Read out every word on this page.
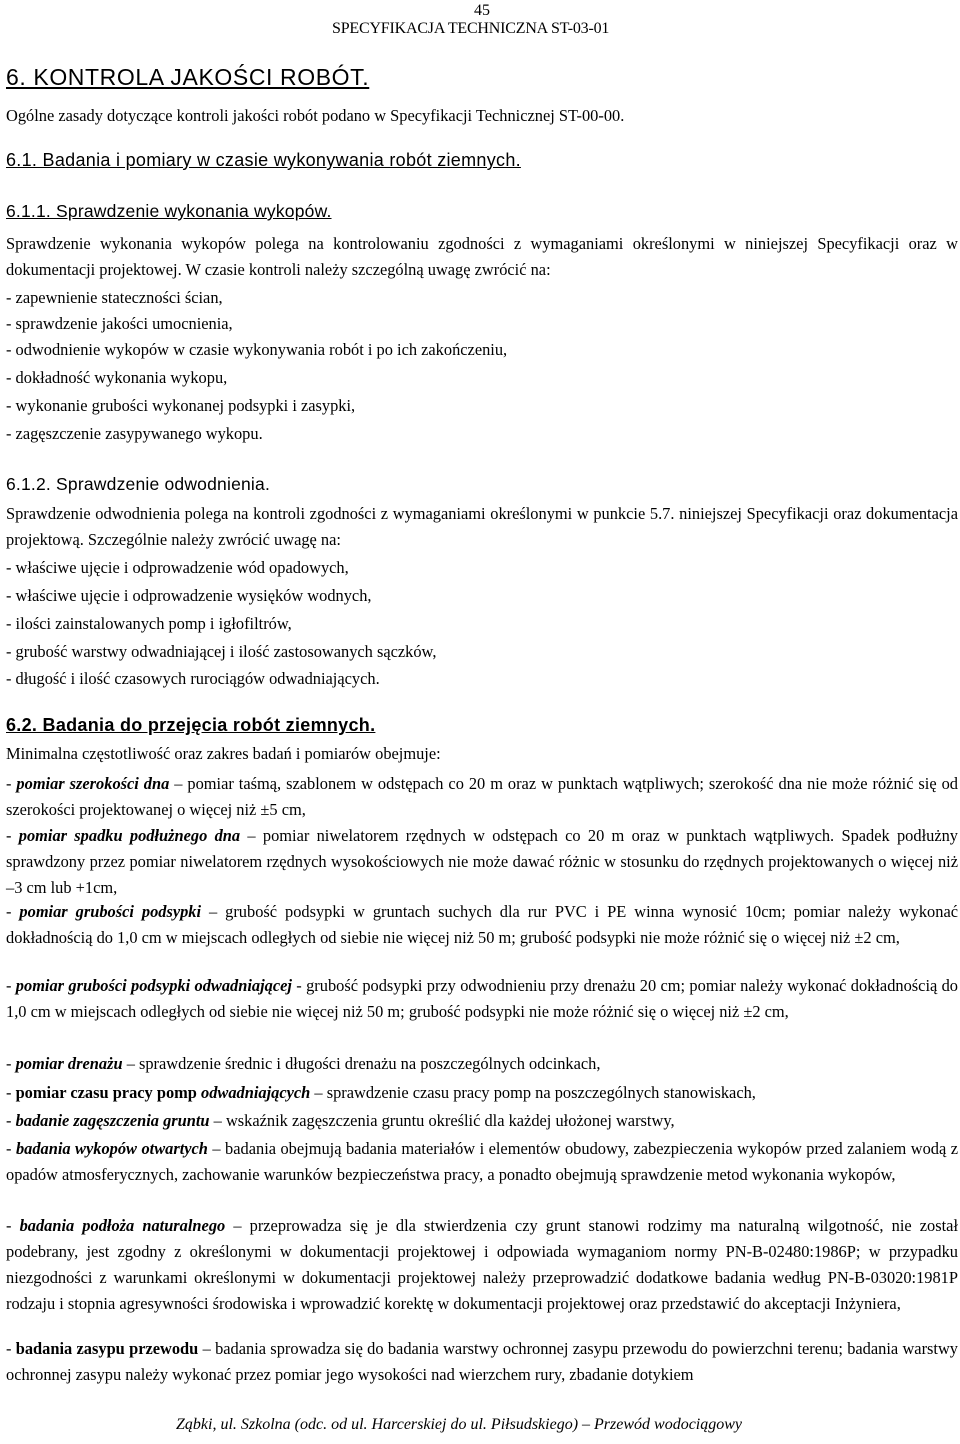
45
SPECYFIKACJA TECHNICZNA ST-03-01
6. KONTROLA JAKOŚCI ROBÓT.

Ogólne zasady dotyczące kontroli jakości robót podano w Specyfikacji Technicznej ST-00-00.

6.1. Badania i pomiary w czasie wykonywania robót ziemnych.
6.1.1. Sprawdzenie wykonania wykopów.

Sprawdzenie wykonania wykopów polega na kontrolowaniu zgodności z wymaganiami określonymi w niniejszej Specyfikacji oraz w dokumentacji projektowej. W czasie kontroli należy szczególną uwagę zwrócić na:

- zapewnienie stateczności ścian,

- sprawdzenie jakości umocnienia,

- odwodnienie wykopów w czasie wykonywania robót i po ich zakończeniu,

- dokładność wykonania wykopu,

- wykonanie grubości wykonanej podsypki i zasypki,

- zagęszczenie zasypywanego wykopu.

6.1.2. Sprawdzenie odwodnienia.

Sprawdzenie odwodnienia polega na kontroli zgodności z wymaganiami określonymi w punkcie 5.7. niniejszej Specyfikacji oraz dokumentacja projektową. Szczególnie należy zwrócić uwagę na:

- właściwe ujęcie i odprowadzenie wód opadowych,

- właściwe ujęcie i odprowadzenie wysięków wodnych,

- ilości zainstalowanych pomp i igłofiltrów,

- grubość warstwy odwadniającej i ilość zastosowanych sączków,

- długość i ilość czasowych rurociągów odwadniających.

6.2. Badania do przejęcia robót ziemnych.

Minimalna częstotliwość oraz zakres badań i pomiarów obejmuje:

- pomiar szerokości dna – pomiar taśmą, szablonem w odstępach co 20 m oraz w punktach wątpliwych; szerokość dna nie może różnić się od szerokości projektowanej o więcej niż ±5 cm,

- pomiar spadku podłużnego dna – pomiar niwelatorem rzędnych w odstępach co 20 m oraz w punktach wątpliwych. Spadek podłużny sprawdzony przez pomiar niwelatorem rzędnych wysokościowych nie może dawać różnic w stosunku do rzędnych projektowanych o więcej niż –3 cm lub +1cm,

- pomiar grubości podsypki – grubość podsypki w gruntach suchych dla rur PVC i PE winna wynosić 10cm; pomiar należy wykonać dokładnością do 1,0 cm w miejscach odległych od siebie nie więcej niż 50 m; grubość podsypki nie może różnić się o więcej niż ±2 cm,

- pomiar grubości podsypki odwadniającej - grubość podsypki przy odwodnieniu przy drenażu 20 cm; pomiar należy wykonać dokładnością do 1,0 cm w miejscach odległych od siebie nie więcej niż 50 m; grubość podsypki nie może różnić się o więcej niż ±2 cm,

- pomiar drenażu – sprawdzenie średnic i długości drenażu na poszczególnych odcinkach,

- pomiar czasu pracy pomp odwadniających – sprawdzenie czasu pracy pomp na poszczególnych stanowiskach,

- badanie zagęszczenia gruntu – wskaźnik zagęszczenia gruntu określić dla każdej ułożonej warstwy,

- badania wykopów otwartych – badania obejmują badania materiałów i elementów obudowy, zabezpieczenia wykopów przed zalaniem wodą z opadów atmosferycznych, zachowanie warunków bezpieczeństwa pracy, a ponadto obejmują sprawdzenie metod wykonania wykopów,

- badania podłoża naturalnego – przeprowadza się je dla stwierdzenia czy grunt stanowi rodzimy ma naturalną wilgotność, nie został podebrany, jest zgodny z określonymi w dokumentacji projektowej i odpowiada wymaganiom normy PN-B-02480:1986P; w przypadku niezgodności z warunkami określonymi w dokumentacji projektowej należy przeprowadzić dodatkowe badania według PN-B-03020:1981P rodzaju i stopnia agresywności środowiska i wprowadzić korektę w dokumentacji projektowej oraz przedstawić do akceptacji Inżyniera,

- badania zasypu przewodu – badania sprowadza się do badania warstwy ochronnej zasypu przewodu do powierzchni terenu; badania warstwy ochronnej zasypu należy wykonać przez pomiar jego wysokości nad wierzchem rury, zbadanie dotykiem

Ząbki, ul. Szkolna (odc. od ul. Harcerskiej do ul. Piłsudskiego) – Przewód wodociągowy
